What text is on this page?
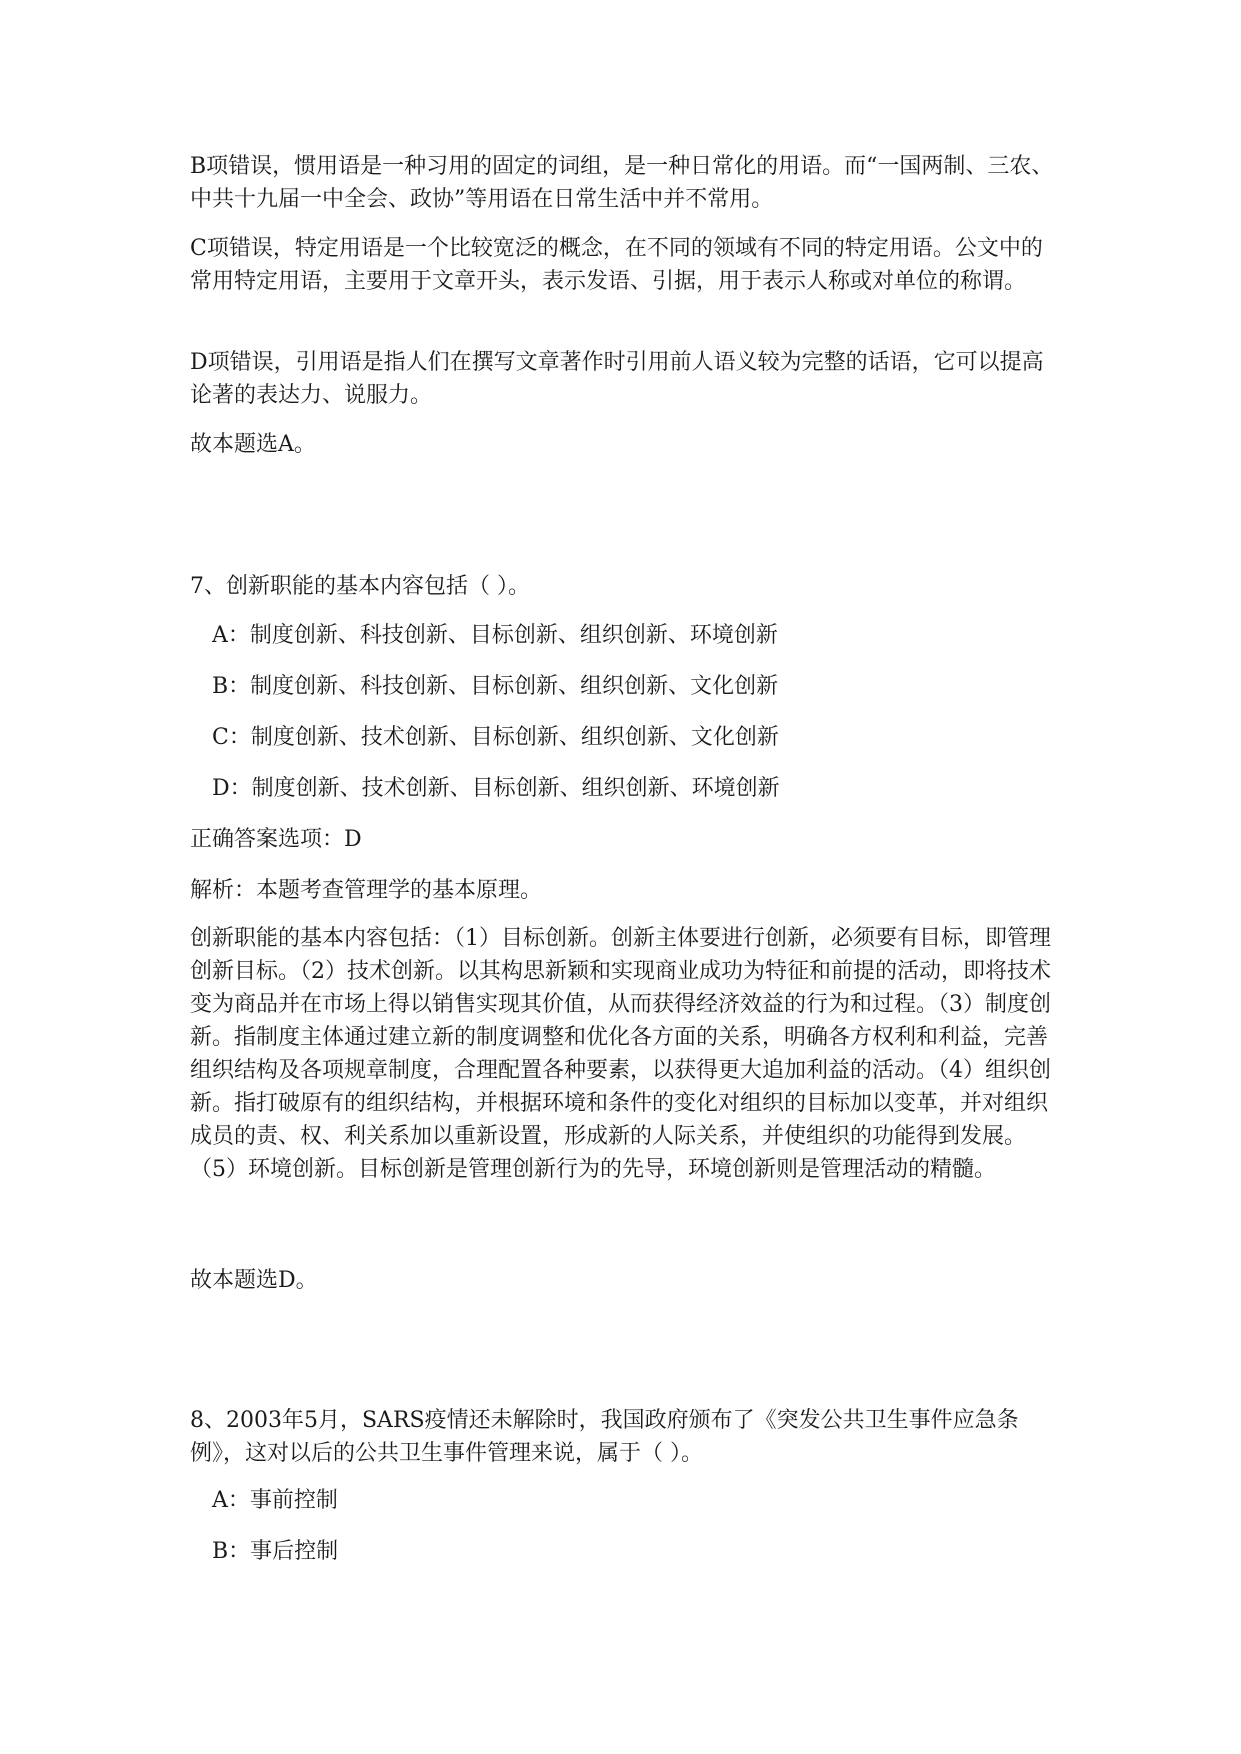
B项错误，惯用语是一种习用的固定的词组，是一种日常化的用语。而“一国两制、三农、中共十九届一中全会、政协”等用语在日常生活中并不常用。

C项错误，特定用语是一个比较宽泛的概念，在不同的领域有不同的特定用语。公文中的常用特定用语，主要用于文章开头，表示发语、引据，用于表示人称或对单位的称谓。

D项错误，引用语是指人们在撰写文章著作时引用前人语义较为完整的话语，它可以提高论著的表达力、说服力。

故本题选A。

7、创新职能的基本内容包括（ ）。

A：制度创新、科技创新、目标创新、组织创新、环境创新

B：制度创新、科技创新、目标创新、组织创新、文化创新

C：制度创新、技术创新、目标创新、组织创新、文化创新

D：制度创新、技术创新、目标创新、组织创新、环境创新

正确答案选项：D

解析：本题考查管理学的基本原理。

创新职能的基本内容包括：（1）目标创新。创新主体要进行创新，必须要有目标，即管理创新目标。（2）技术创新。以其构思新颖和实现商业成功为特征和前提的活动，即将技术变为商品并在市场上得以销售实现其价值，从而获得经济效益的行为和过程。（3）制度创新。指制度主体通过建立新的制度调整和优化各方面的关系，明确各方权利和利益，完善组织结构及各项规章制度，合理配置各种要素，以获得更大追加利益的活动。（4）组织创新。指打破原有的组织结构，并根据环境和条件的变化对组织的目标加以变革，并对组织成员的责、权、利关系加以重新设置，形成新的人际关系，并使组织的功能得到发展。（5）环境创新。目标创新是管理创新行为的先导，环境创新则是管理活动的精髓。

故本题选D。

8、2003年5月，SARS疫情还未解除时，我国政府颁布了《突发公共卫生事件应急条例》，这对以后的公共卫生事件管理来说，属于（ ）。

A：事前控制

B：事后控制
